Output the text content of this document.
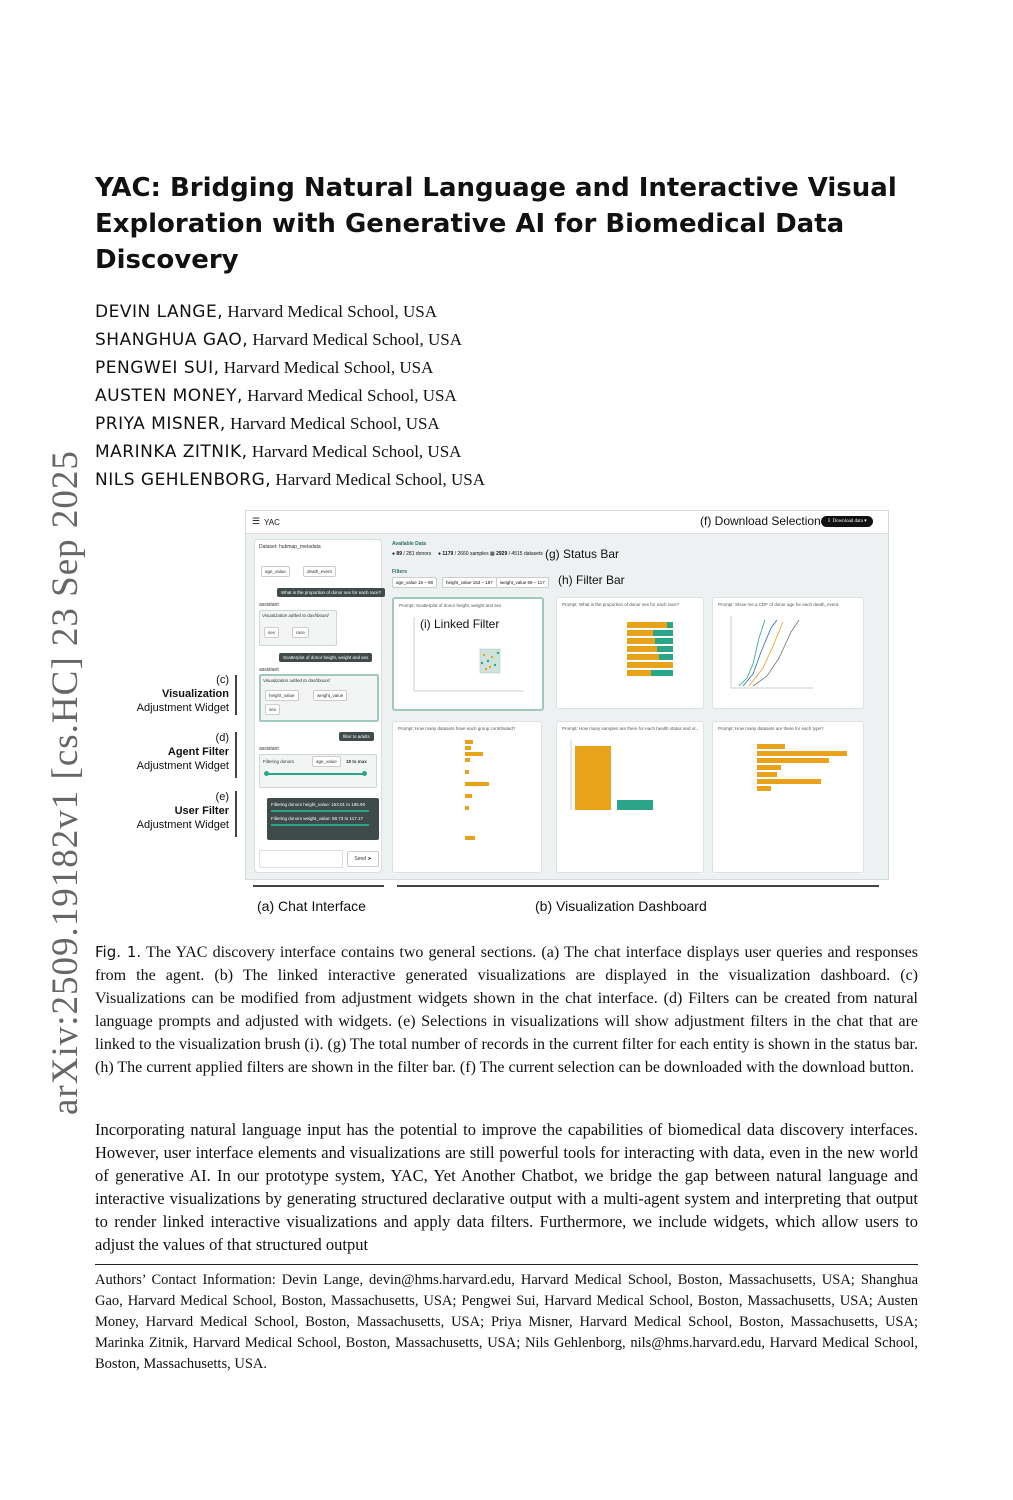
arXiv:2509.19182v1 [cs.HC] 23 Sep 2025
YAC: Bridging Natural Language and Interactive Visual Exploration with Generative AI for Biomedical Data Discovery
DEVIN LANGE, Harvard Medical School, USA
SHANGHUA GAO, Harvard Medical School, USA
PENGWEI SUI, Harvard Medical School, USA
AUSTEN MONEY, Harvard Medical School, USA
PRIYA MISNER, Harvard Medical School, USA
MARINKA ZITNIK, Harvard Medical School, USA
NILS GEHLENBORG, Harvard Medical School, USA
☰ YAC
Dataset: hubmap_metadata
age_value	death_event
What is the proportion of donor sex for each race?
assistant
Visualization added to dashboard
sex	race
Scatterplot of donor height, weight and sex
assistant
Visualization added to dashboard
height_value	weight_value
sex
filter to adults
assistant
Filtering donors	age_value	18 to max
Filtering donors height_value: 153.01 to 186.90
Filtering donors weight_value: 58.73 to 117.17
Send ➤
Available Data
● 89 / 281 donors ● 1179 / 2660 samples ▦ 2929 / 4515 datasets
Filters
age_value 18 – 98	height_value 153 – 187	weight_value 59 – 117
Prompt: Scatterplot of donor height, weight and sex	Prompt: What is the proportion of donor sex for each race?	Prompt: Show me a CDF of donor age for each death_event.
Prompt: How many datasets have each group contributed?	Prompt: How many samples are there for each health status and or...	Prompt: How many datasets are there for each type?
⇩ Download data ▾
(f) Download Selection
(g) Status Bar
(h) Filter Bar
(i) Linked Filter
(c)
Visualization
Adjustment Widget
(d)
Agent Filter
Adjustment Widget
(e)
User Filter
Adjustment Widget
(a) Chat Interface	(b) Visualization Dashboard
Fig. 1. The YAC discovery interface contains two general sections. (a) The chat interface displays user queries and responses from the agent. (b) The linked interactive generated visualizations are displayed in the visualization dashboard. (c) Visualizations can be modified from adjustment widgets shown in the chat interface. (d) Filters can be created from natural language prompts and adjusted with widgets. (e) Selections in visualizations will show adjustment filters in the chat that are linked to the visualization brush (i). (g) The total number of records in the current filter for each entity is shown in the status bar. (h) The current applied filters are shown in the filter bar. (f) The current selection can be downloaded with the download button.
Incorporating natural language input has the potential to improve the capabilities of biomedical data discovery interfaces. However, user interface elements and visualizations are still powerful tools for interacting with data, even in the new world of generative AI. In our prototype system, YAC, Yet Another Chatbot, we bridge the gap between natural language and interactive visualizations by generating structured declarative output with a multi-agent system and interpreting that output to render linked interactive visualizations and apply data filters. Furthermore, we include widgets, which allow users to adjust the values of that structured output
Authors’ Contact Information: Devin Lange, devin@hms.harvard.edu, Harvard Medical School, Boston, Massachusetts, USA; Shanghua Gao, Harvard Medical School, Boston, Massachusetts, USA; Pengwei Sui, Harvard Medical School, Boston, Massachusetts, USA; Austen Money, Harvard Medical School, Boston, Massachusetts, USA; Priya Misner, Harvard Medical School, Boston, Massachusetts, USA; Marinka Zitnik, Harvard Medical School, Boston, Massachusetts, USA; Nils Gehlenborg, nils@hms.harvard.edu, Harvard Medical School, Boston, Massachusetts, USA.
